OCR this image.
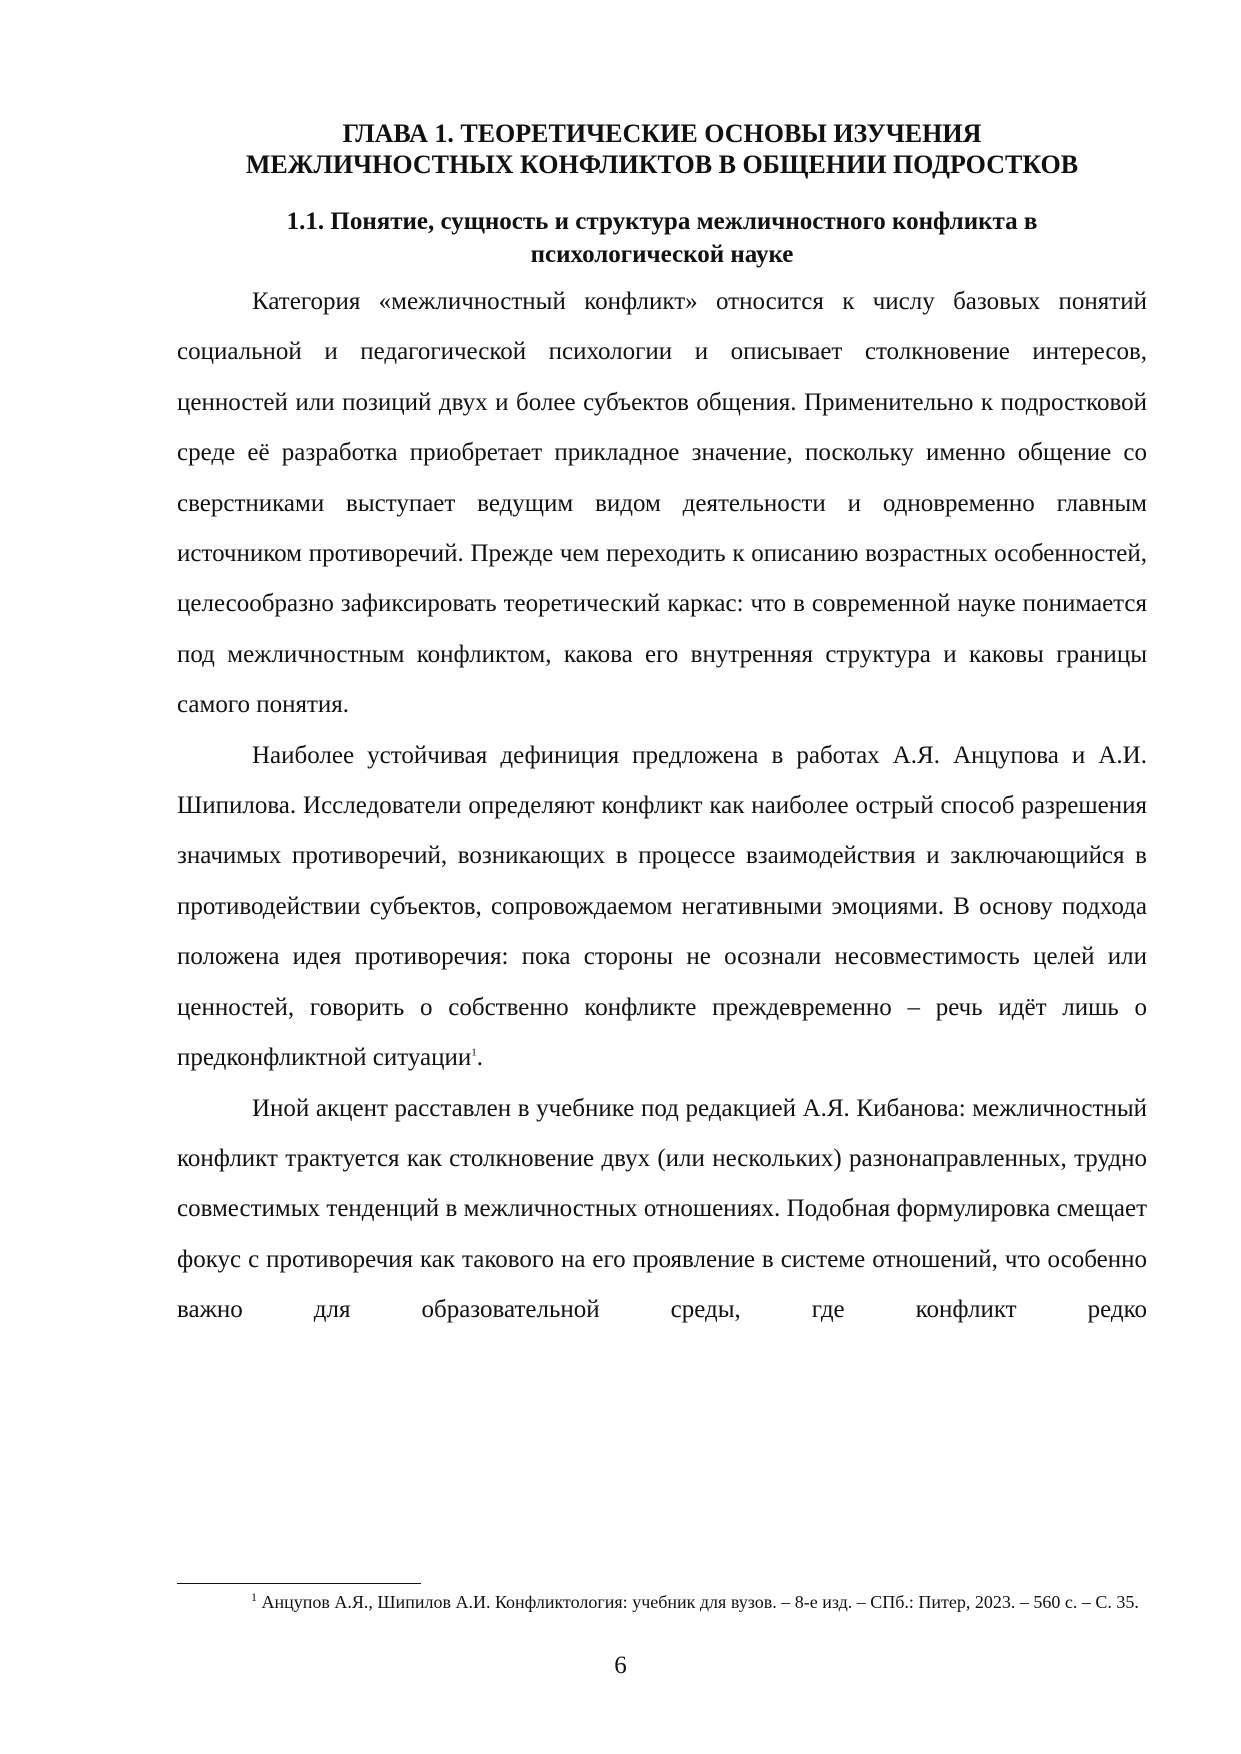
ГЛАВА 1. ТЕОРЕТИЧЕСКИЕ ОСНОВЫ ИЗУЧЕНИЯ
МЕЖЛИЧНОСТНЫХ КОНФЛИКТОВ В ОБЩЕНИИ ПОДРОСТКОВ
1.1. Понятие, сущность и структура межличностного конфликта в
психологической науке

Категория «межличностный конфликт» относится к числу базовых понятий социальной и педагогической психологии и описывает столкновение интересов, ценностей или позиций двух и более субъектов общения. Применительно к подростковой среде её разработка приобретает прикладное значение, поскольку именно общение со сверстниками выступает ведущим видом деятельности и одновременно главным источником противоречий. Прежде чем переходить к описанию возрастных особенностей, целесообразно зафиксировать теоретический каркас: что в современной науке понимается под межличностным конфликтом, какова его внутренняя структура и каковы границы самого понятия.

Наиболее устойчивая дефиниция предложена в работах А.Я. Анцупова и А.И. Шипилова. Исследователи определяют конфликт как наиболее острый способ разрешения значимых противоречий, возникающих в процессе взаимодействия и заключающийся в противодействии субъектов, сопровождаемом негативными эмоциями. В основу подхода положена идея противоречия: пока стороны не осознали несовместимость целей или ценностей, говорить о собственно конфликте преждевременно – речь идёт лишь о предконфликтной ситуации$^1$.

Иной акцент расставлен в учебнике под редакцией А.Я. Кибанова: межличностный конфликт трактуется как столкновение двух (или нескольких) разнонаправленных, трудно совместимых тенденций в межличностных отношениях. Подобная формулировка смещает фокус с противоречия как такового на его проявление в системе отношений, что особенно важно для образовательной среды, где конфликт редко

$^1$ Анцупов А.Я., Шипилов А.И. Конфликтология: учебник для вузов. – 8-е изд. – СПб.: Питер, 2023. – 560 с. – С. 35.

6
